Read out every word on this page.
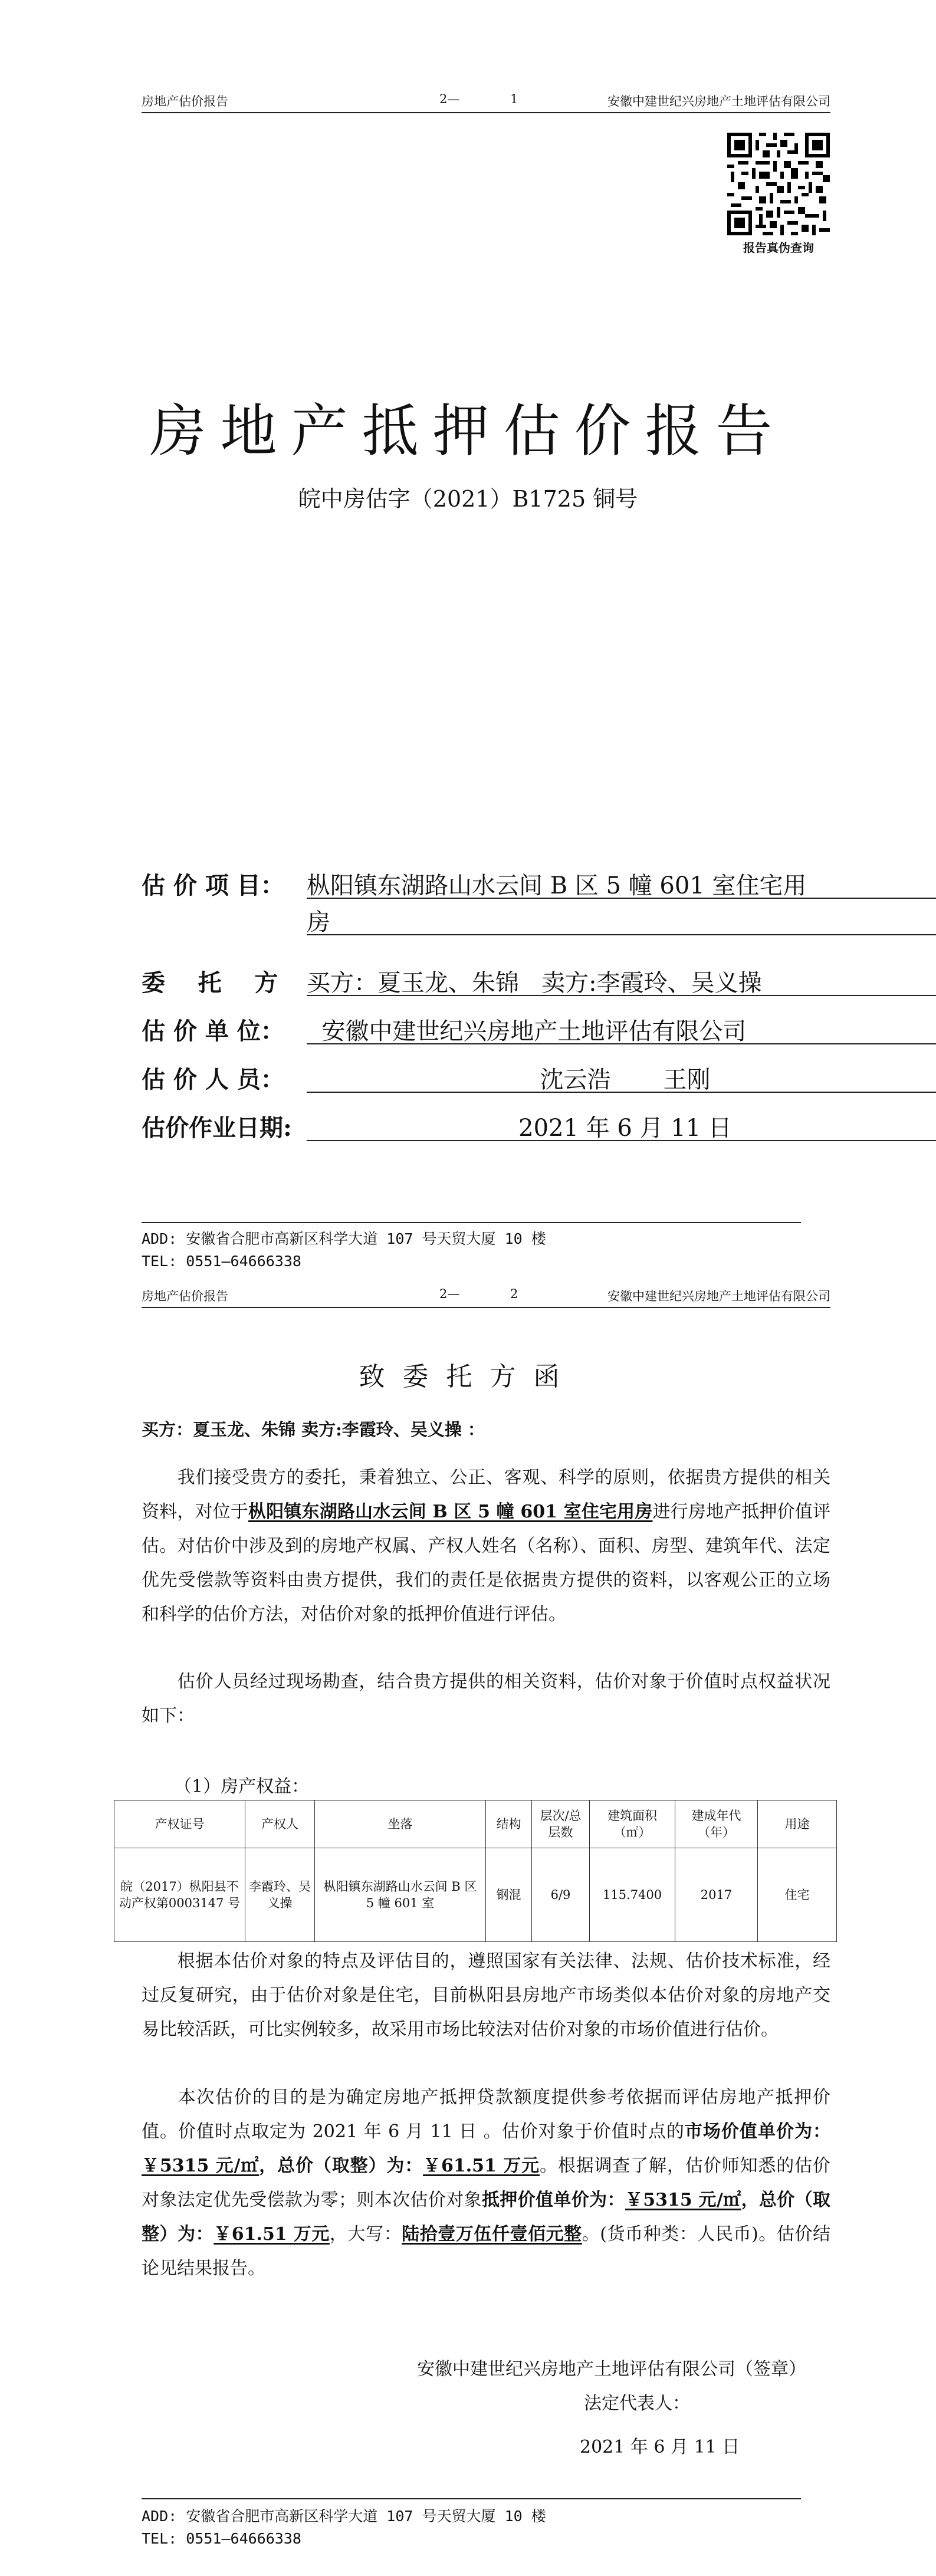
房地产估价报告	2—	1	安徽中建世纪兴房地产土地评估有限公司
报告真伪查询
房地产抵押估价报告
皖中房估字（2021）B1725 铜号
估 价 项 目： 枞阳镇东湖路山水云间 B 区 5 幢 601 室住宅用
房
委    托    方 买方：夏玉龙、朱锦   卖方:李霞玲、吴义操
估 价 单 位： 安徽中建世纪兴房地产土地评估有限公司
估 价 人 员：	沈云浩       王刚
估价作业日期:	2021 年 6 月 11 日
ADD: 安徽省合肥市高新区科学大道 107 号天贸大厦 10 楼
TEL: 0551—64666338
房地产估价报告	2—	2	安徽中建世纪兴房地产土地评估有限公司
致委托方函
买方：夏玉龙、朱锦 卖方:李霞玲、吴义操 ：
我们接受贵方的委托，秉着独立、公正、客观、科学的原则，依据贵方提供的相关资料，对位于枞阳镇东湖路山水云间 B 区 5 幢 601 室住宅用房进行房地产抵押价值评估。对估价中涉及到的房地产权属、产权人姓名（名称）、面积、房型、建筑年代、法定优先受偿款等资料由贵方提供，我们的责任是依据贵方提供的资料，以客观公正的立场和科学的估价方法，对估价对象的抵押价值进行评估。
估价人员经过现场勘查，结合贵方提供的相关资料，估价对象于价值时点权益状况如下：
（1）房产权益：
产权证号	产权人	坐落	结构	层次/总层数	建筑面积（㎡）	建成年代（年）	用途
皖（2017）枞阳县不动产权第0003147 号	李霞玲、吴义操	枞阳镇东湖路山水云间 B 区 5 幢 601 室	钢混	6/9	115.7400	2017	住宅
根据本估价对象的特点及评估目的，遵照国家有关法律、法规、估价技术标准，经过反复研究，由于估价对象是住宅，目前枞阳县房地产市场类似本估价对象的房地产交易比较活跃，可比实例较多，故采用市场比较法对估价对象的市场价值进行估价。
本次估价的目的是为确定房地产抵押贷款额度提供参考依据而评估房地产抵押价值。价值时点取定为 2021 年 6 月 11 日 。估价对象于价值时点的市场价值单价为：￥5315 元/㎡，总价（取整）为：￥61.51 万元。根据调查了解，估价师知悉的估价对象法定优先受偿款为零；则本次估价对象抵押价值单价为：￥5315 元/㎡，总价（取整）为：￥61.51 万元，大写：陆拾壹万伍仟壹佰元整。(货币种类：人民币)。估价结论见结果报告。
安徽中建世纪兴房地产土地评估有限公司（签章）
法定代表人：
2021 年 6 月 11 日
ADD: 安徽省合肥市高新区科学大道 107 号天贸大厦 10 楼
TEL: 0551—64666338
